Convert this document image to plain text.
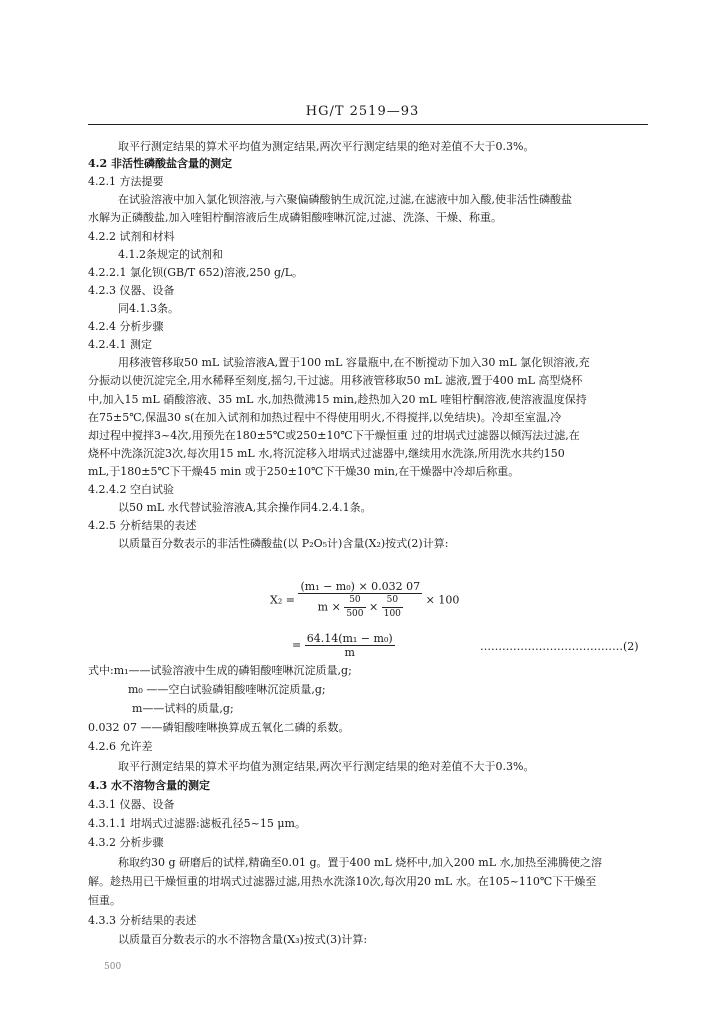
HG/T 2519—93
取平行测定结果的算术平均值为测定结果,两次平行测定结果的绝对差值不大于0.3%。
4.2 非活性磷酸盐含量的测定
4.2.1 方法提要
在试验溶液中加入氯化钡溶液,与六聚偏磷酸钠生成沉淀,过滤,在滤液中加入酸,使非活性磷酸盐
水解为正磷酸盐,加入喹钼柠酮溶液后生成磷钼酸喹啉沉淀,过滤、洗涤、干燥、称重。
4.2.2 试剂和材料
4.1.2条规定的试剂和
4.2.2.1 氯化钡(GB/T 652)溶液,250 g/L。
4.2.3 仪器、设备
同4.1.3条。
4.2.4 分析步骤
4.2.4.1 测定
用移液管移取50 mL 试验溶液A,置于100 mL 容量瓶中,在不断搅动下加入30 mL 氯化钡溶液,充
分振动以使沉淀完全,用水稀释至刻度,摇匀,干过滤。用移液管移取50 mL 滤液,置于400 mL 高型烧杯
中,加入15 mL 硝酸溶液、35 mL 水,加热微沸15 min,趁热加入20 mL 喹钼柠酮溶液,使溶液温度保持
在75±5℃,保温30 s(在加入试剂和加热过程中不得使用明火,不得搅拌,以免结块)。冷却至室温,冷
却过程中搅拌3~4次,用预先在180±5℃或250±10℃下干燥恒重 过的坩埚式过滤器以倾泻法过滤,在
烧杯中洗涤沉淀3次,每次用15 mL 水,将沉淀移入坩埚式过滤器中,继续用水洗涤,所用洗水共约150
mL,于180±5℃下干燥45 min 或于250±10℃下干燥30 min,在干燥器中冷却后称重。
4.2.4.2 空白试验
以50 mL 水代替试验溶液A,其余操作同4.2.4.1条。
4.2.5 分析结果的表述
以质量百分数表示的非活性磷酸盐(以 P₂O₅计)含量(X₂)按式(2)计算:
X₂ =
(m₁ − m₀) × 0.032 07
$m \times \frac{50}{500} \times \frac{50}{100} \times 100$
= $\frac{\text{64.14(m₁ − m₀)}}{m}$	…………………………………(2)
式中:m₁——试验溶液中生成的磷钼酸喹啉沉淀质量,g;
m₀ ——空白试验磷钼酸喹啉沉淀质量,g;
m——试料的质量,g;
0.032 07 ——磷钼酸喹啉换算成五氧化二磷的系数。
4.2.6 允许差
取平行测定结果的算术平均值为测定结果,两次平行测定结果的绝对差值不大于0.3%。
4.3 水不溶物含量的测定
4.3.1 仪器、设备
4.3.1.1 坩埚式过滤器:滤板孔径5~15 μm。
4.3.2 分析步骤
称取约30 g 研磨后的试样,精确至0.01 g。置于400 mL 烧杯中,加入200 mL 水,加热至沸腾使之溶
解。趁热用已干燥恒重的坩埚式过滤器过滤,用热水洗涤10次,每次用20 mL 水。在105~110℃下干燥至
恒重。
4.3.3 分析结果的表述
以质量百分数表示的水不溶物含量(X₃)按式(3)计算:
500
